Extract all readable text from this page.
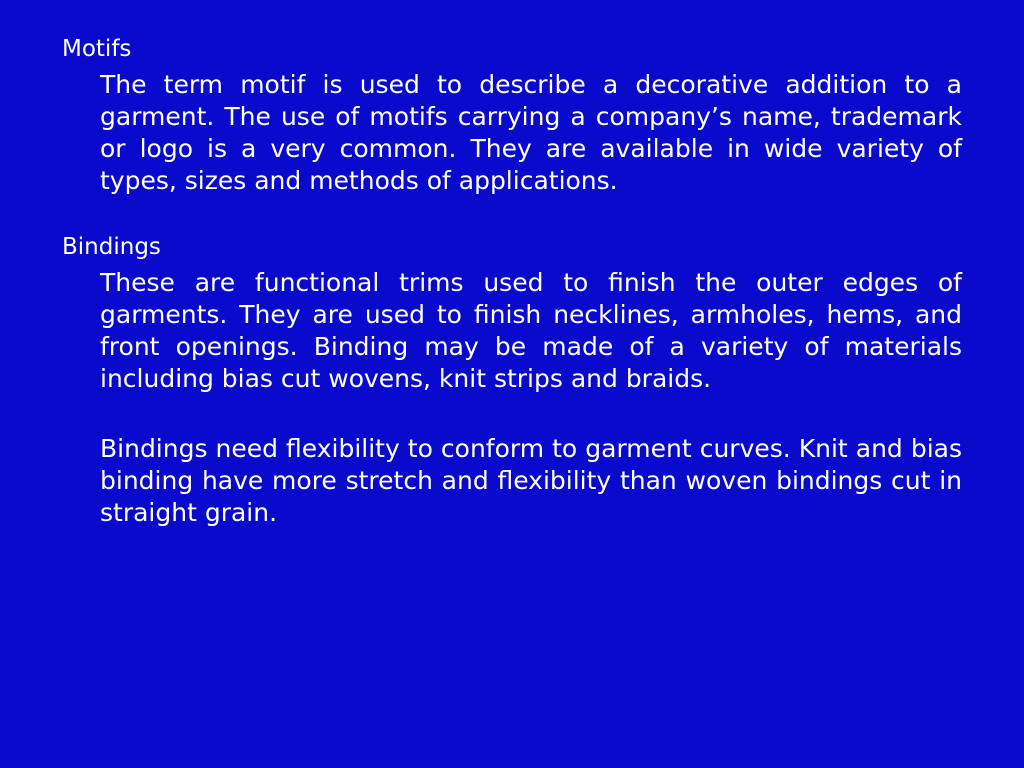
Motifs

The term motif is used to describe a decorative addition to a garment. The use of motifs carrying a company’s name, trademark or logo is a very common. They are available in wide variety of types, sizes and methods of applications.

Bindings

These are functional trims used to finish the outer edges of garments. They are used to finish necklines, armholes, hems, and front openings. Binding may be made of a variety of materials including bias cut wovens, knit strips and braids.

Bindings need flexibility to conform to garment curves. Knit and bias binding have more stretch and flexibility than woven bindings cut in straight grain.
